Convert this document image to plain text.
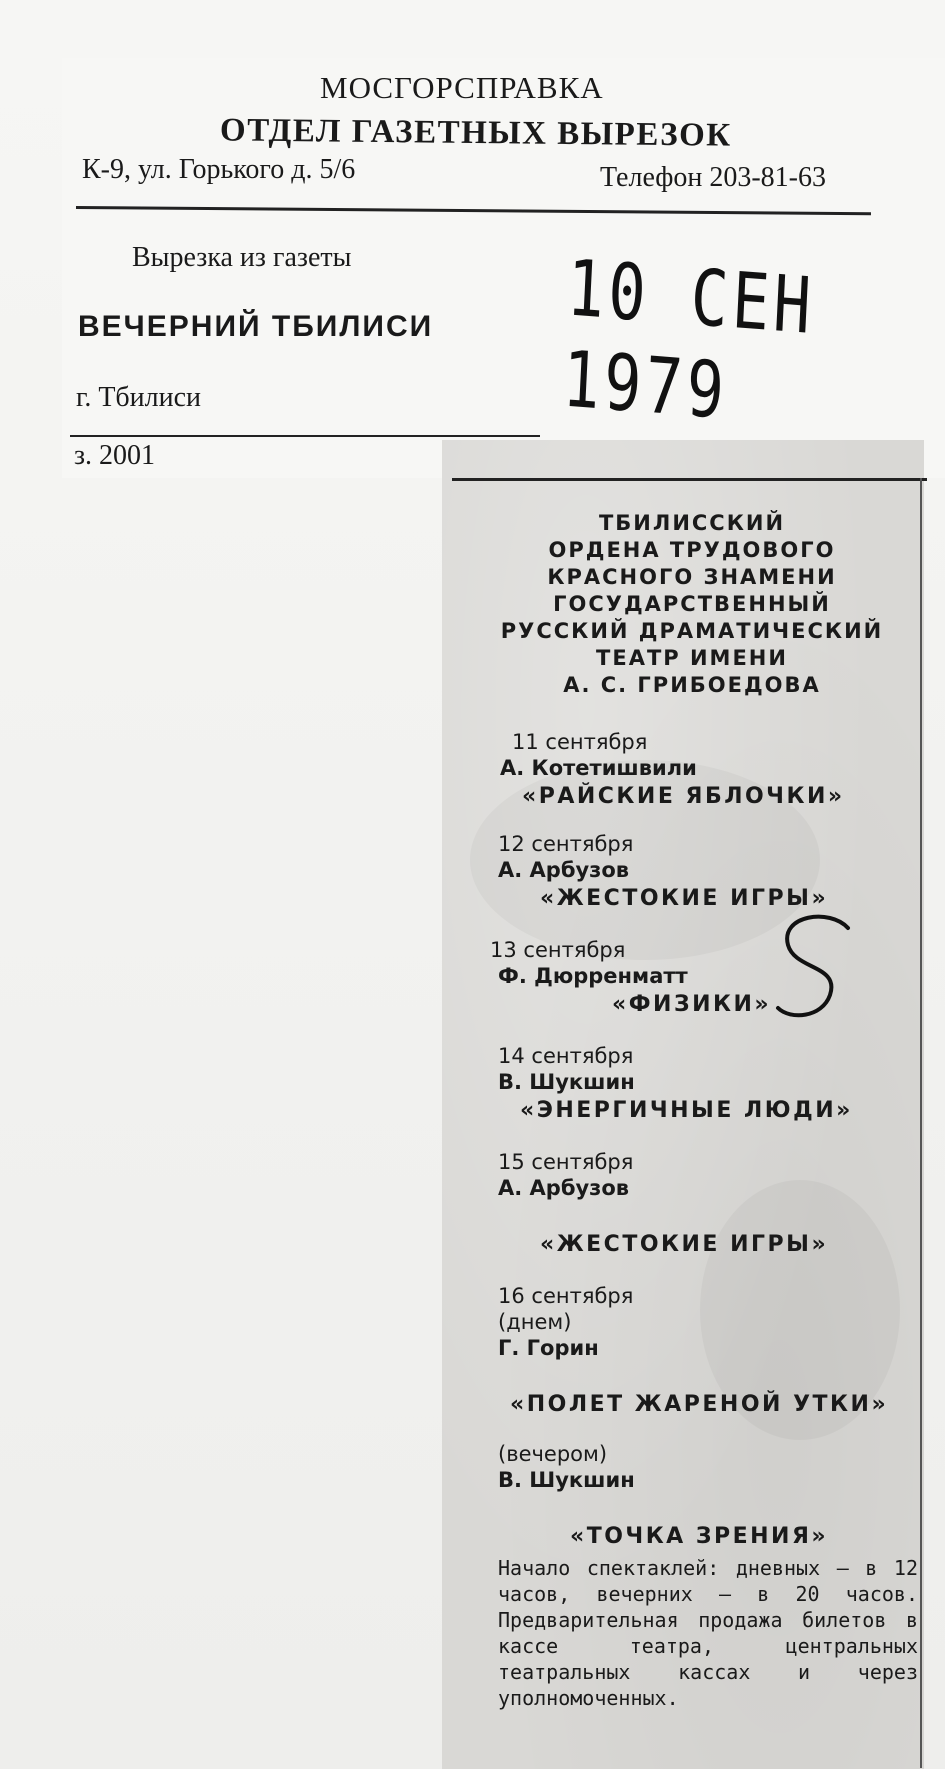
МОСГОРСПРАВКА
ОТДЕЛ ГАЗЕТНЫХ ВЫРЕЗОК
К-9, ул. Горького д. 5/6	Телефон 203-81-63
Вырезка из газеты
ВЕЧЕРНИЙ ТБИЛИСИ 10 СЕН 1979
г. Тбилиси
з. 2001
ТБИЛИССКИЙ
ОРДЕНА ТРУДОВОГО
КРАСНОГО ЗНАМЕНИ
ГОСУДАРСТВЕННЫЙ
РУССКИЙ ДРАМАТИЧЕСКИЙ
ТЕАТР ИМЕНИ
А. С. ГРИБОЕДОВА
11 сентября
А. Котетишвили
«РАЙСКИЕ ЯБЛОЧКИ»
12 сентября
А. Арбузов
«ЖЕСТОКИЕ ИГРЫ»
13 сентября
Ф. Дюрренматт
«ФИЗИКИ»
14 сентября
В. Шукшин
«ЭНЕРГИЧНЫЕ ЛЮДИ»
15 сентября
А. Арбузов
«ЖЕСТОКИЕ ИГРЫ»
16 сентября
(днем)
Г. Горин
«ПОЛЕТ ЖАРЕНОЙ УТКИ»
(вечером)
В. Шукшин
«ТОЧКА ЗРЕНИЯ»
Начало спектаклей: дневных — в 12 часов, вечерних — в 20 часов. Предварительная продажа билетов в кассе театра, центральных театральных кассах и через уполномоченных.
